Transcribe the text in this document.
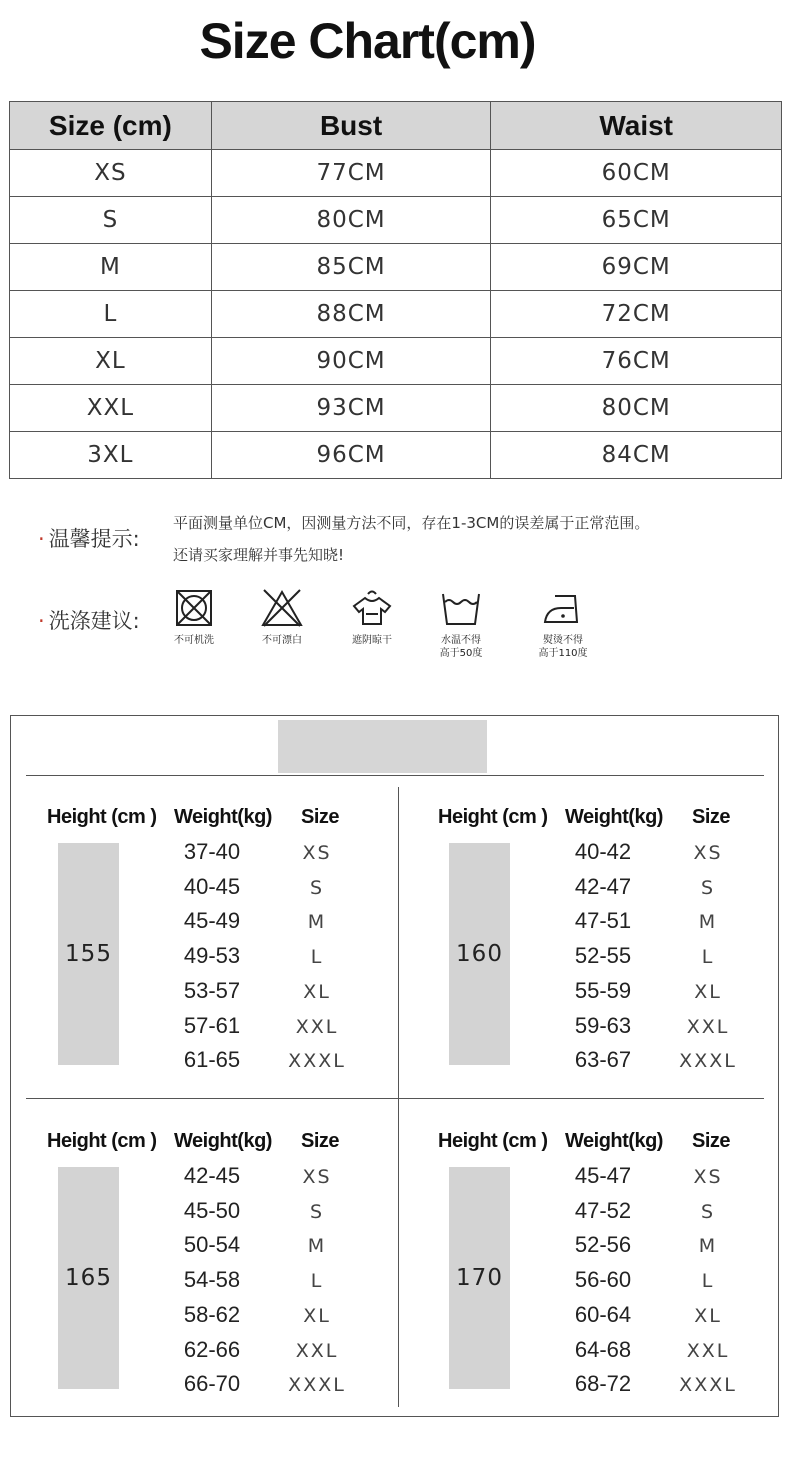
Size Chart(cm)
Size (cm)	Bust	Waist
XS	77CM	60CM
S	80CM	65CM
M	85CM	69CM
L	88CM	72CM
XL	90CM	76CM
XXL	93CM	80CM
3XL	96CM	84CM
· 温馨提示:
平面测量单位CM，因测量方法不同，存在1-3CM的误差属于正常范围。
还请买家理解并事先知晓!
· 洗涤建议:
不可机洗	不可漂白	遮阴晾干	水温不得
高于50度
熨烫不得
高于110度
Height (cm ) Weight(kg) Size
155
37-40	XS
40-45	S
45-49	M
49-53	L
53-57	XL
57-61	XXL
61-65	XXXL
Height (cm ) Weight(kg) Size
160
40-42	XS
42-47	S
47-51	M
52-55	L
55-59	XL
59-63	XXL
63-67	XXXL
Height (cm ) Weight(kg) Size
165
42-45	XS
45-50	S
50-54	M
54-58	L
58-62	XL
62-66	XXL
66-70	XXXL
Height (cm ) Weight(kg) Size
170
45-47	XS
47-52	S
52-56	M
56-60	L
60-64	XL
64-68	XXL
68-72	XXXL
